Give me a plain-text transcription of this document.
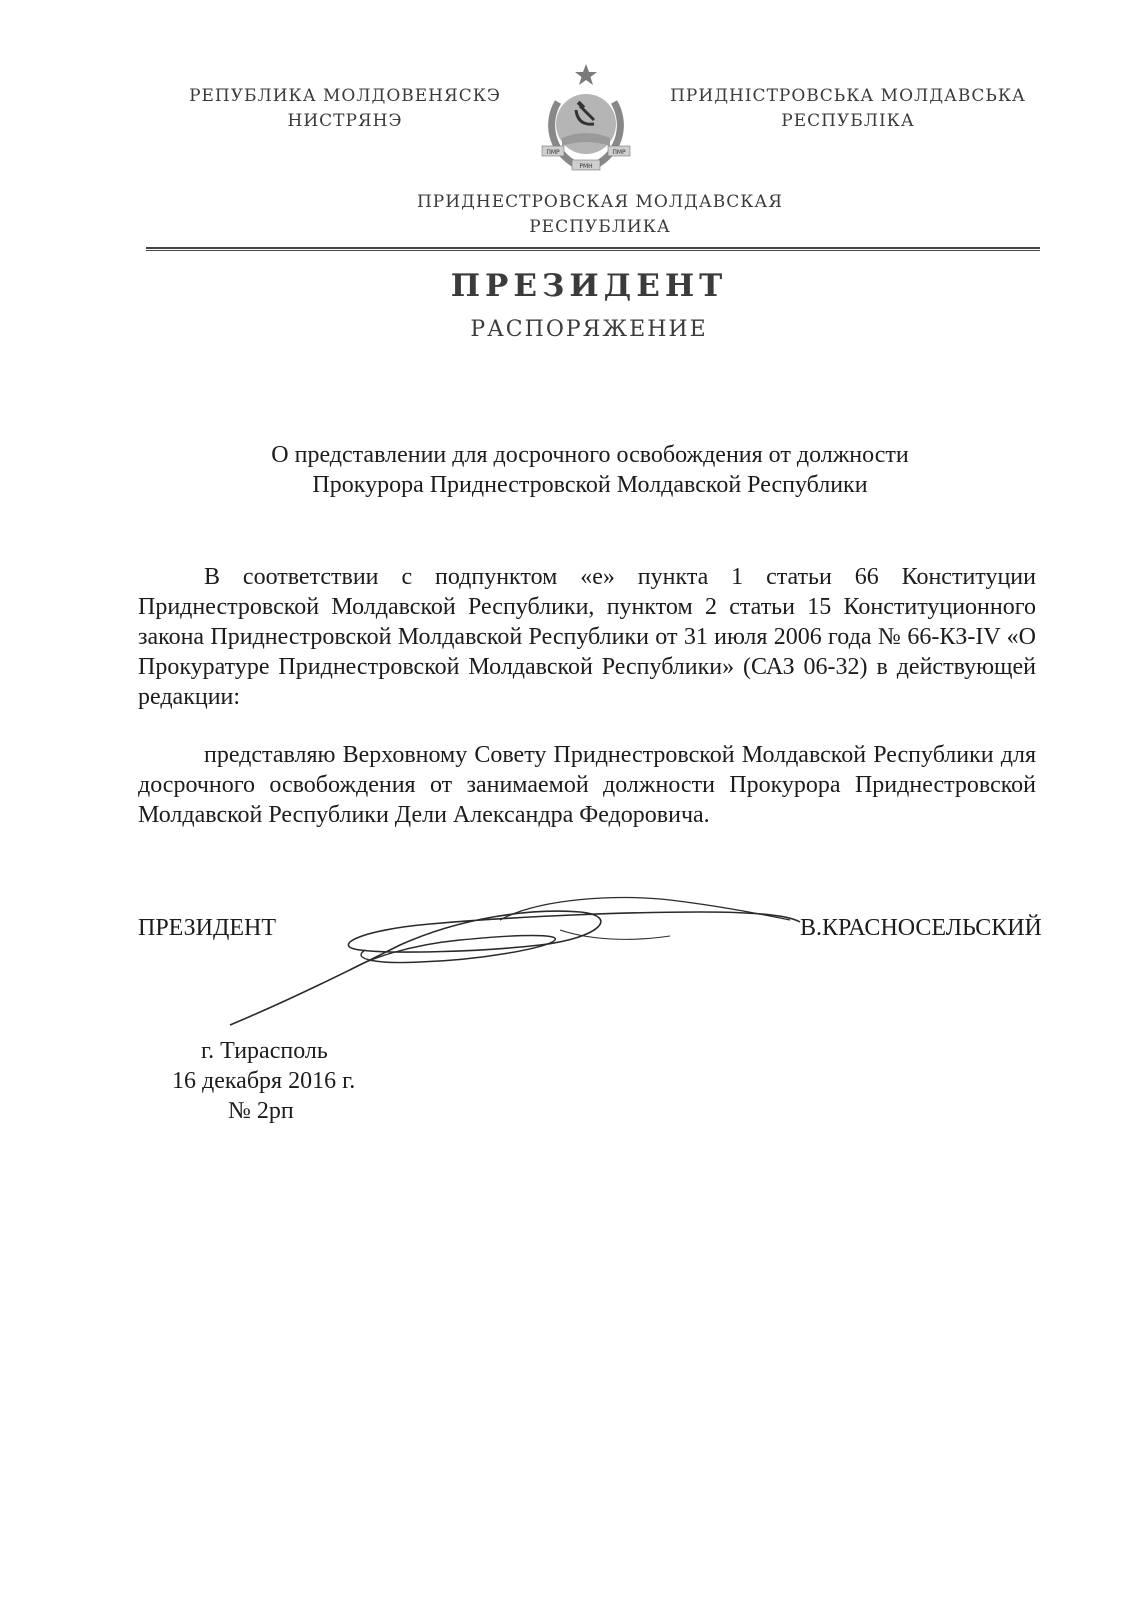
РЕПУБЛИКА МОЛДОВЕНЯСКЭ
НИСТРЯНЭ
ПМР	ПМР
РМН
ПРИДНІСТРОВСЬКА МОЛДАВСЬКА
РЕСПУБЛІКА
ПРИДНЕСТРОВСКАЯ МОЛДАВСКАЯ
РЕСПУБЛИКА
ПРЕЗИДЕНТ
РАСПОРЯЖЕНИЕ
О представлении для досрочного освобождения от должности
Прокурора Приднестровской Молдавской Республики
В соответствии с подпунктом «е» пункта 1 статьи 66 Конституции Приднестровской Молдавской Республики, пунктом 2 статьи 15 Конституционного закона Приднестровской Молдавской Республики от 31 июля 2006 года № 66-КЗ-IV «О Прокуратуре Приднестровской Молдавской Республики» (САЗ 06-32) в действующей редакции:
представляю Верховному Совету Приднестровской Молдавской Республики для досрочного освобождения от занимаемой должности Прокурора Приднестровской Молдавской Республики Дели Александра Федоровича.
ПРЕЗИДЕНТ	В.КРАСНОСЕЛЬСКИЙ
г. Тирасполь
16 декабря 2016 г.
№ 2рп
